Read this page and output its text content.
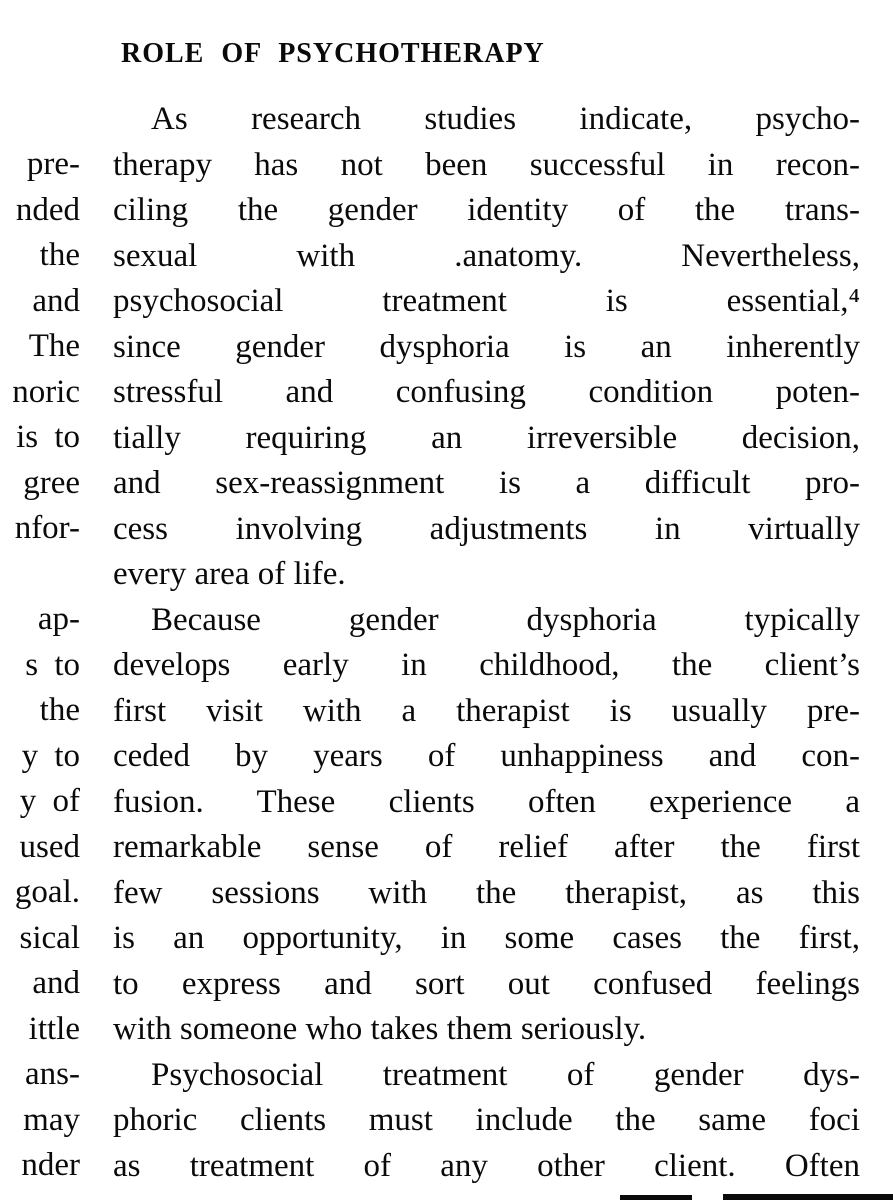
ROLE OF PSYCHOTHERAPY
pre-
nded
the
and
The
noric
is to
gree
nfor-
ap-
s to
the
y to
y of
used
goal.
sical
and
ittle
ans-
may
nder
As research studies indicate, psycho-
therapy has not been successful in recon-
ciling the gender identity of the trans-
sexual with .anatomy. Nevertheless,
psychosocial treatment is essential,⁴
since gender dysphoria is an inherently
stressful and confusing condition poten-
tially requiring an irreversible decision,
and sex-reassignment is a difficult pro-
cess involving adjustments in virtually
every area of life.
Because gender dysphoria typically
develops early in childhood, the client’s
first visit with a therapist is usually pre-
ceded by years of unhappiness and con-
fusion. These clients often experience a
remarkable sense of relief after the first
few sessions with the therapist, as this
is an opportunity, in some cases the first,
to express and sort out confused feelings
with someone who takes them seriously.
Psychosocial treatment of gender dys-
phoric clients must include the same foci
as treatment of any other client. Often
